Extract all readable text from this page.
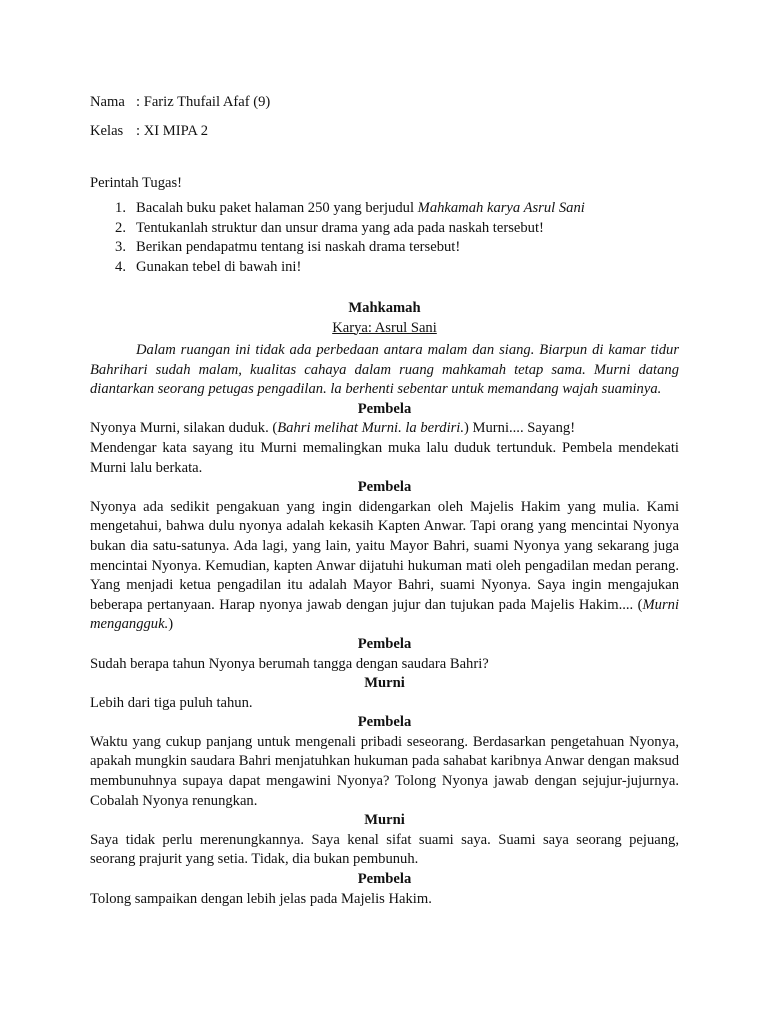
Nama : Fariz Thufail Afaf (9)
Kelas : XI MIPA 2
Perintah Tugas!
1. Bacalah buku paket halaman 250 yang berjudul Mahkamah karya Asrul Sani
2. Tentukanlah struktur dan unsur drama yang ada pada naskah tersebut!
3. Berikan pendapatmu tentang isi naskah drama tersebut!
4. Gunakan tebel di bawah ini!
Mahkamah
Karya: Asrul Sani

Dalam ruangan ini tidak ada perbedaan antara malam dan siang. Biarpun di kamar tidur Bahrihari sudah malam, kualitas cahaya dalam ruang mahkamah tetap sama. Murni datang diantarkan seorang petugas pengadilan. la berhenti sebentar untuk memandang wajah suaminya.

Pembela

Nyonya Murni, silakan duduk. (Bahri melihat Murni. la berdiri.) Murni.... Sayang!

Mendengar kata sayang itu Murni memalingkan muka lalu duduk tertunduk. Pembela mendekati Murni lalu berkata.

Pembela

Nyonya ada sedikit pengakuan yang ingin didengarkan oleh Majelis Hakim yang mulia. Kami mengetahui, bahwa dulu nyonya adalah kekasih Kapten Anwar. Tapi orang yang mencintai Nyonya bukan dia satu-satunya. Ada lagi, yang lain, yaitu Mayor Bahri, suami Nyonya yang sekarang juga mencintai Nyonya. Kemudian, kapten Anwar dijatuhi hukuman mati oleh pengadilan medan perang. Yang menjadi ketua pengadilan itu adalah Mayor Bahri, suami Nyonya. Saya ingin mengajukan beberapa pertanyaan. Harap nyonya jawab dengan jujur dan tujukan pada Majelis Hakim.... (Murni mengangguk.)

Pembela

Sudah berapa tahun Nyonya berumah tangga dengan saudara Bahri?

Murni

Lebih dari tiga puluh tahun.

Pembela

Waktu yang cukup panjang untuk mengenali pribadi seseorang. Berdasarkan pengetahuan Nyonya, apakah mungkin saudara Bahri menjatuhkan hukuman pada sahabat karibnya Anwar dengan maksud membunuhnya supaya dapat mengawini Nyonya? Tolong Nyonya jawab dengan sejujur-jujurnya. Cobalah Nyonya renungkan.

Murni

Saya tidak perlu merenungkannya. Saya kenal sifat suami saya. Suami saya seorang pejuang, seorang prajurit yang setia. Tidak, dia bukan pembunuh.

Pembela

Tolong sampaikan dengan lebih jelas pada Majelis Hakim.
